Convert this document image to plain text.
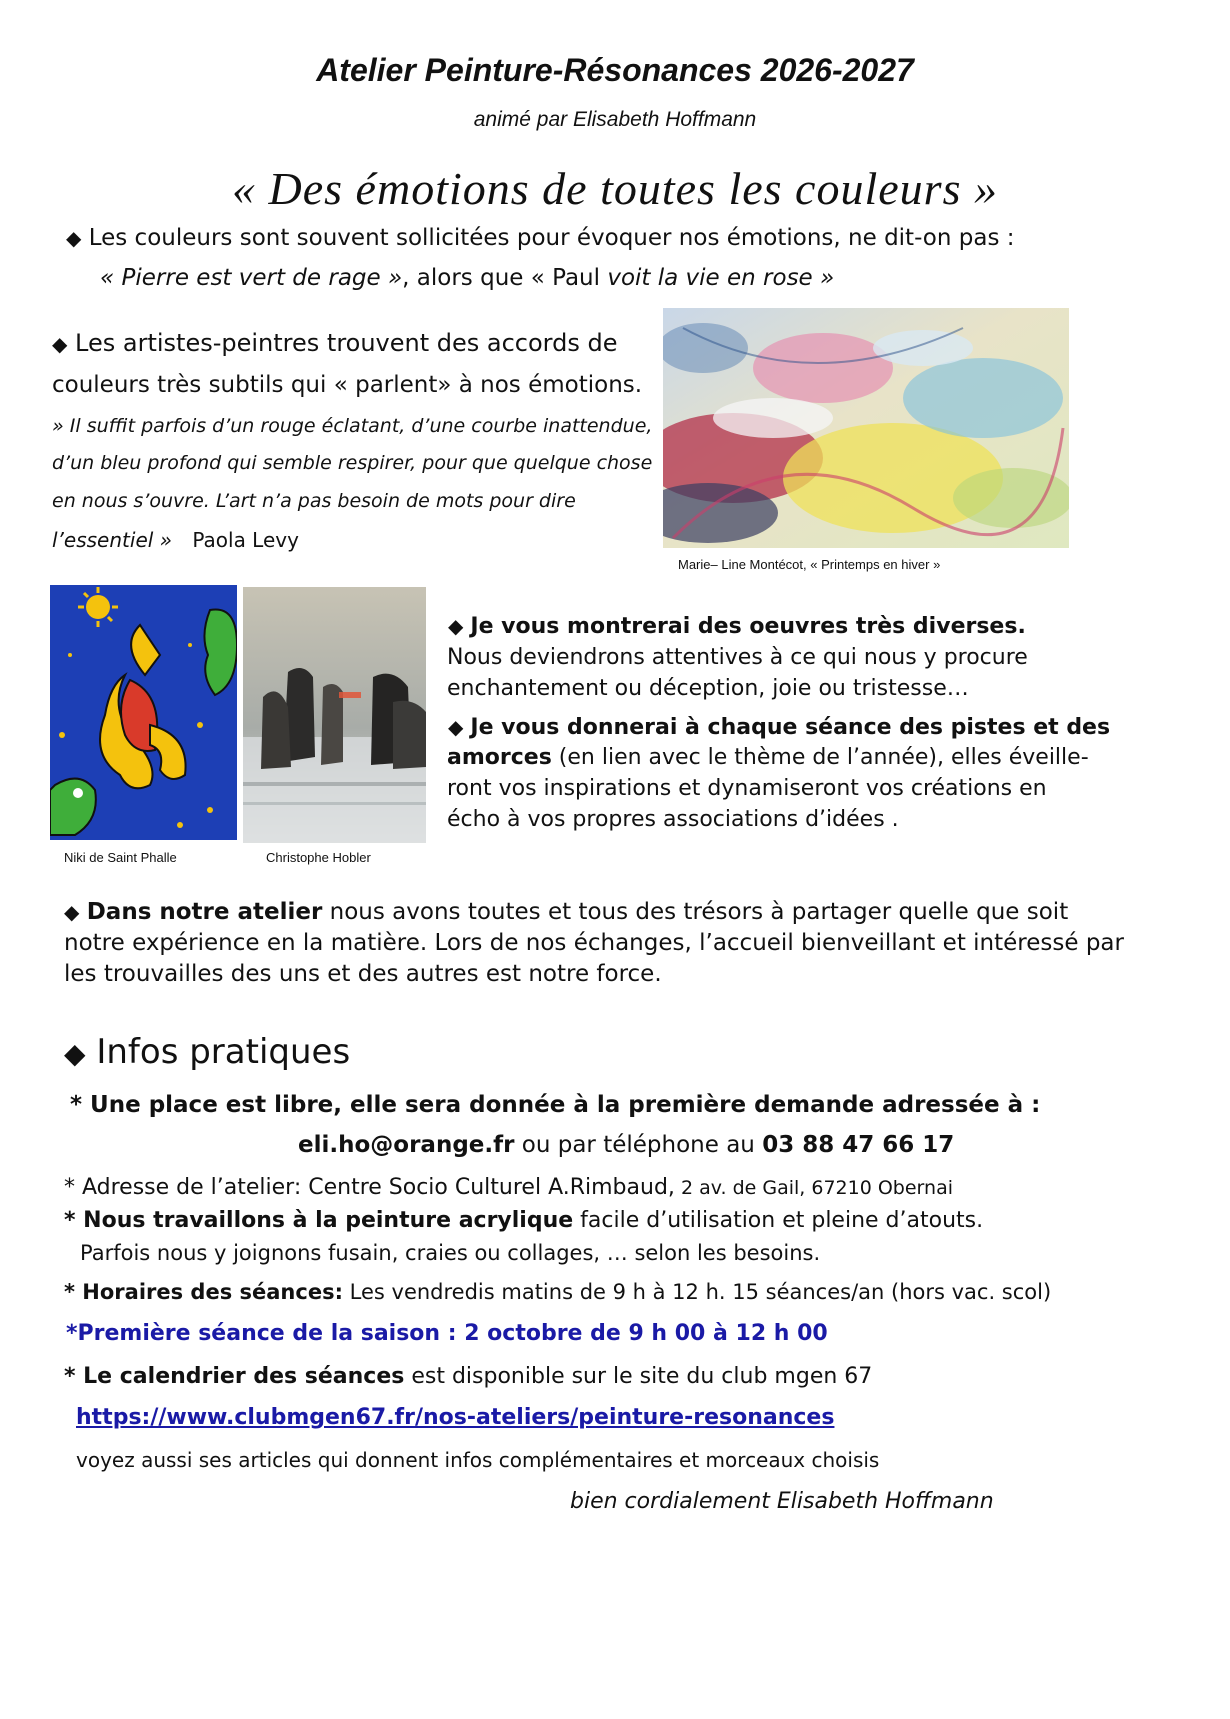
Atelier Peinture-Résonances 2026-2027
animé par Elisabeth Hoffmann
« Des émotions de toutes les couleurs »
◆ Les couleurs sont souvent sollicitées pour évoquer nos émotions, ne dit-on pas :
« Pierre est vert de rage », alors que « Paul voit la vie en rose »
◆ Les artistes-peintres trouvent des accords de
couleurs très subtils qui « parlent» à nos émotions.
» Il suffit parfois d’un rouge éclatant, d’une courbe inattendue,
d’un bleu profond qui semble respirer, pour que quelque chose
en nous s’ouvre. L’art n’a pas besoin de mots pour dire
l’essentiel » Paola Levy
Marie– Line Montécot, « Printemps en hiver »
Niki de Saint Phalle	Christophe Hobler
◆ Je vous montrerai des oeuvres très diverses.
Nous deviendrons attentives à ce qui nous y procure
enchantement ou déception, joie ou tristesse…
◆ Je vous donnerai à chaque séance des pistes et des
amorces (en lien avec le thème de l’année), elles éveille-
ront vos inspirations et dynamiseront vos créations en
écho à vos propres associations d’idées .
◆ Dans notre atelier nous avons toutes et tous des trésors à partager quelle que soit
notre expérience en la matière. Lors de nos échanges, l’accueil bienveillant et intéressé par
les trouvailles des uns et des autres est notre force.
◆ Infos pratiques
* Une place est libre, elle sera donnée à la première demande adressée à :
eli.ho@orange.fr ou par téléphone au 03 88 47 66 17
* Adresse de l’atelier: Centre Socio Culturel A.Rimbaud, 2 av. de Gail, 67210 Obernai
* Nous travaillons à la peinture acrylique facile d’utilisation et pleine d’atouts.
Parfois nous y joignons fusain, craies ou collages, … selon les besoins.
* Horaires des séances: Les vendredis matins de 9 h à 12 h. 15 séances/an (hors vac. scol)
*Première séance de la saison : 2 octobre de 9 h 00 à 12 h 00
* Le calendrier des séances est disponible sur le site du club mgen 67
https://www.clubmgen67.fr/nos-ateliers/peinture-resonances
voyez aussi ses articles qui donnent infos complémentaires et morceaux choisis
bien cordialement Elisabeth Hoffmann
